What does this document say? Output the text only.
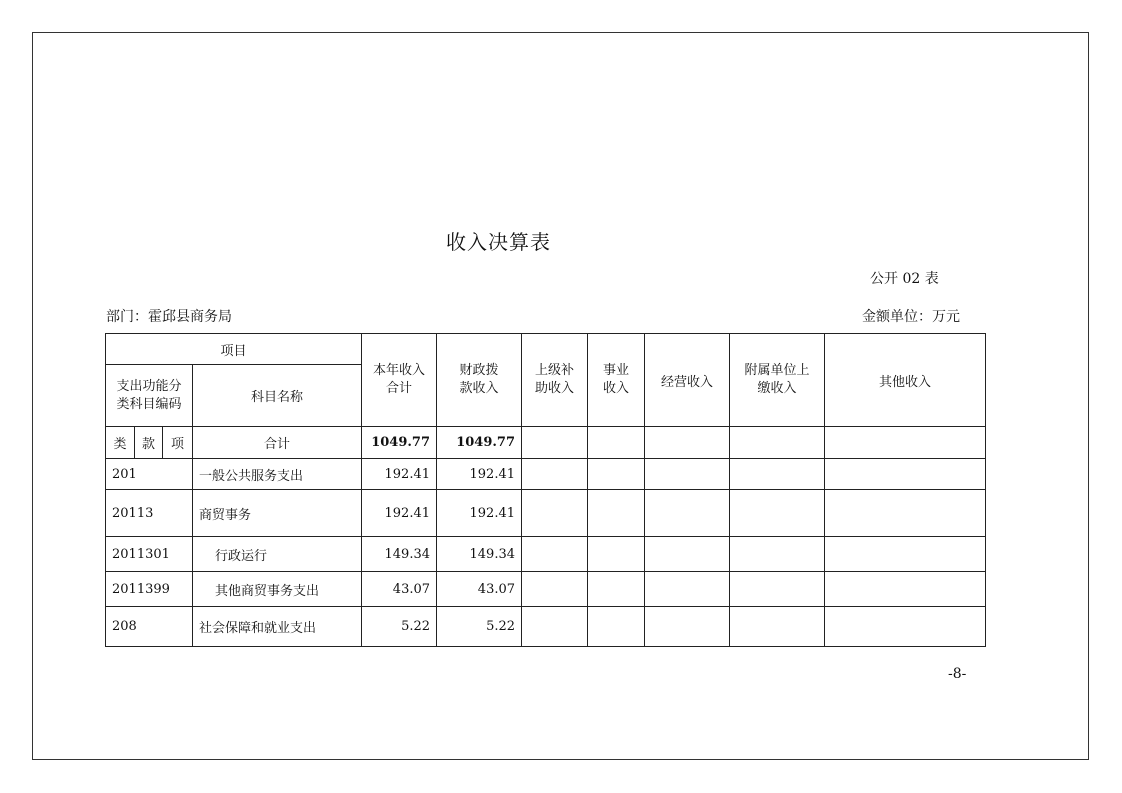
收入决算表
公开 02 表
部门：霍邱县商务局	金额单位：万元
项目				本年收入合计	财政拨款收入	上级补助收入	事业收入	经营收入	附属单位上缴收入	其他收入
支出功能分类科目编码			科目名称							
类	款	项	合计	1049.77	1049.77					
201			一般公共服务支出	192.41	192.41					
20113			商贸事务	192.41	192.41					
2011301			行政运行	149.34	149.34					
2011399			其他商贸事务支出	43.07	43.07					
208			社会保障和就业支出	5.22	5.22					
-8-
